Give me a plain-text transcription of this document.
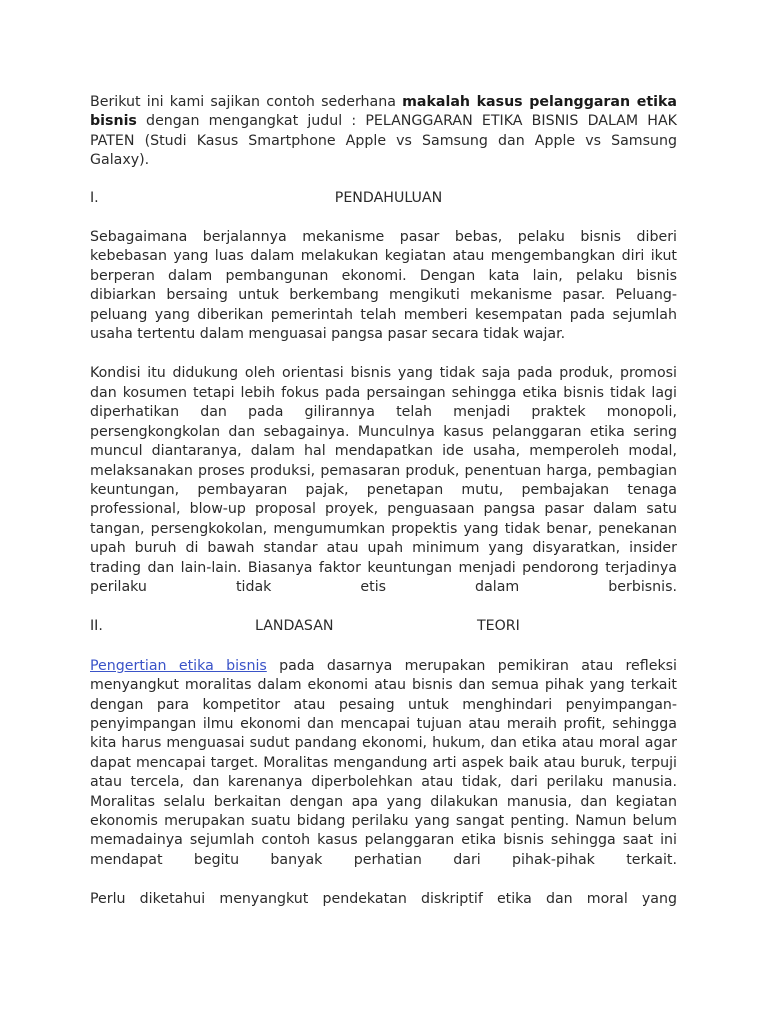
Berikut ini kami sajikan contoh sederhana makalah kasus pelanggaran etika bisnis dengan mengangkat judul : PELANGGARAN ETIKA BISNIS DALAM HAK PATEN (Studi Kasus Smartphone Apple vs Samsung dan Apple vs Samsung Galaxy).

I.	PENDAHULUAN

Sebagaimana berjalannya mekanisme pasar bebas, pelaku bisnis diberi kebebasan yang luas dalam melakukan kegiatan atau mengembangkan diri ikut berperan dalam pembangunan ekonomi. Dengan kata lain, pelaku bisnis dibiarkan bersaing untuk berkembang mengikuti mekanisme pasar. Peluang-peluang yang diberikan pemerintah telah memberi kesempatan pada sejumlah usaha tertentu dalam menguasai pangsa pasar secara tidak wajar.

Kondisi itu didukung oleh orientasi bisnis yang tidak saja pada produk, promosi dan kosumen tetapi lebih fokus pada persaingan sehingga etika bisnis tidak lagi diperhatikan dan pada gilirannya telah menjadi praktek monopoli, persengkongkolan dan sebagainya. Munculnya kasus pelanggaran etika sering muncul diantaranya, dalam hal mendapatkan ide usaha, memperoleh modal, melaksanakan proses produksi, pemasaran produk, penentuan harga, pembagian keuntungan, pembayaran pajak, penetapan mutu, pembajakan tenaga professional, blow-up proposal proyek, penguasaan pangsa pasar dalam satu tangan, persengkokolan, mengumumkan propektis yang tidak benar, penekanan upah buruh di bawah standar atau upah minimum yang disyaratkan, insider trading dan lain-lain. Biasanya faktor keuntungan menjadi pendorong terjadinya perilaku tidak etis dalam berbisnis.

II.	LANDASAN	TEORI

Pengertian etika bisnis pada dasarnya merupakan pemikiran atau refleksi menyangkut moralitas dalam ekonomi atau bisnis dan semua pihak yang terkait dengan para kompetitor atau pesaing untuk menghindari penyimpangan-penyimpangan ilmu ekonomi dan mencapai tujuan atau meraih profit, sehingga kita harus menguasai sudut pandang ekonomi, hukum, dan etika atau moral agar dapat mencapai target. Moralitas mengandung arti aspek baik atau buruk, terpuji atau tercela, dan karenanya diperbolehkan atau tidak, dari perilaku manusia. Moralitas selalu berkaitan dengan apa yang dilakukan manusia, dan kegiatan ekonomis merupakan suatu bidang perilaku yang sangat penting. Namun belum memadainya sejumlah contoh kasus pelanggaran etika bisnis sehingga saat ini mendapat begitu banyak perhatian dari pihak-pihak terkait.

Perlu diketahui menyangkut pendekatan diskriptif etika dan moral yang
